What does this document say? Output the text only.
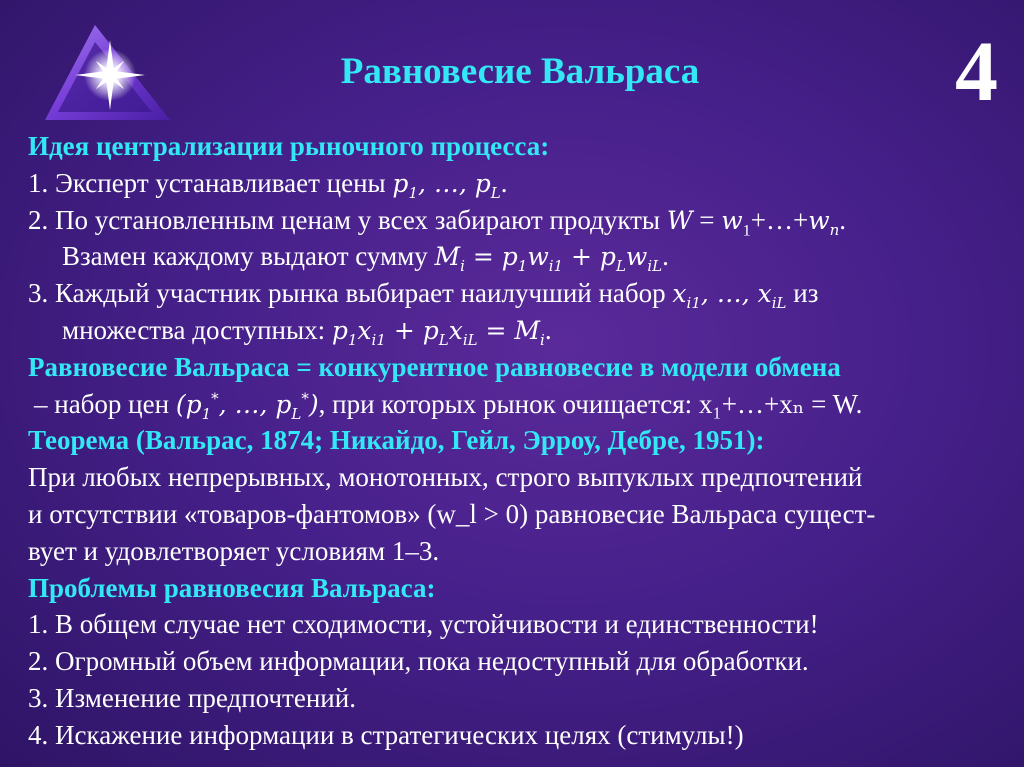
Равновесие Вальраса	4
Идея централизации рыночного процесса:
1. Эксперт устанавливает цены $p_1$, …, $p_L$.
2. По установленным ценам у всех забирают продукты $W = w_1+\dots+w_n$.
Взамен каждому выдают сумму $M_i = p_1w_{i1} + p_Lw_{iL}$.
3. Каждый участник рынка выбирает наилучший набор $x_{i1}$, …, $x_{iL}$ из
множества доступных: $p_1x_{i1} + p_Lx_{iL} = M_i$.
Равновесие Вальраса = конкурентное равновесие в модели обмена
– набор цен ($p_1^*$, …, $p_L^*$), при которых рынок очищается: x₁+…+xₙ = W.
Теорема (Вальрас, 1874; Никайдо, Гейл, Эрроу, Дебре, 1951):
При любых непрерывных, монотонных, строго выпуклых предпочтений
и отсутствии «товаров-фантомов» (w_l > 0) равновесие Вальраса сущест-
вует и удовлетворяет условиям 1–3.
Проблемы равновесия Вальраса:
1. В общем случае нет сходимости, устойчивости и единственности!
2. Огромный объем информации, пока недоступный для обработки.
3. Изменение предпочтений.
4. Искажение информации в стратегических целях (стимулы!)
